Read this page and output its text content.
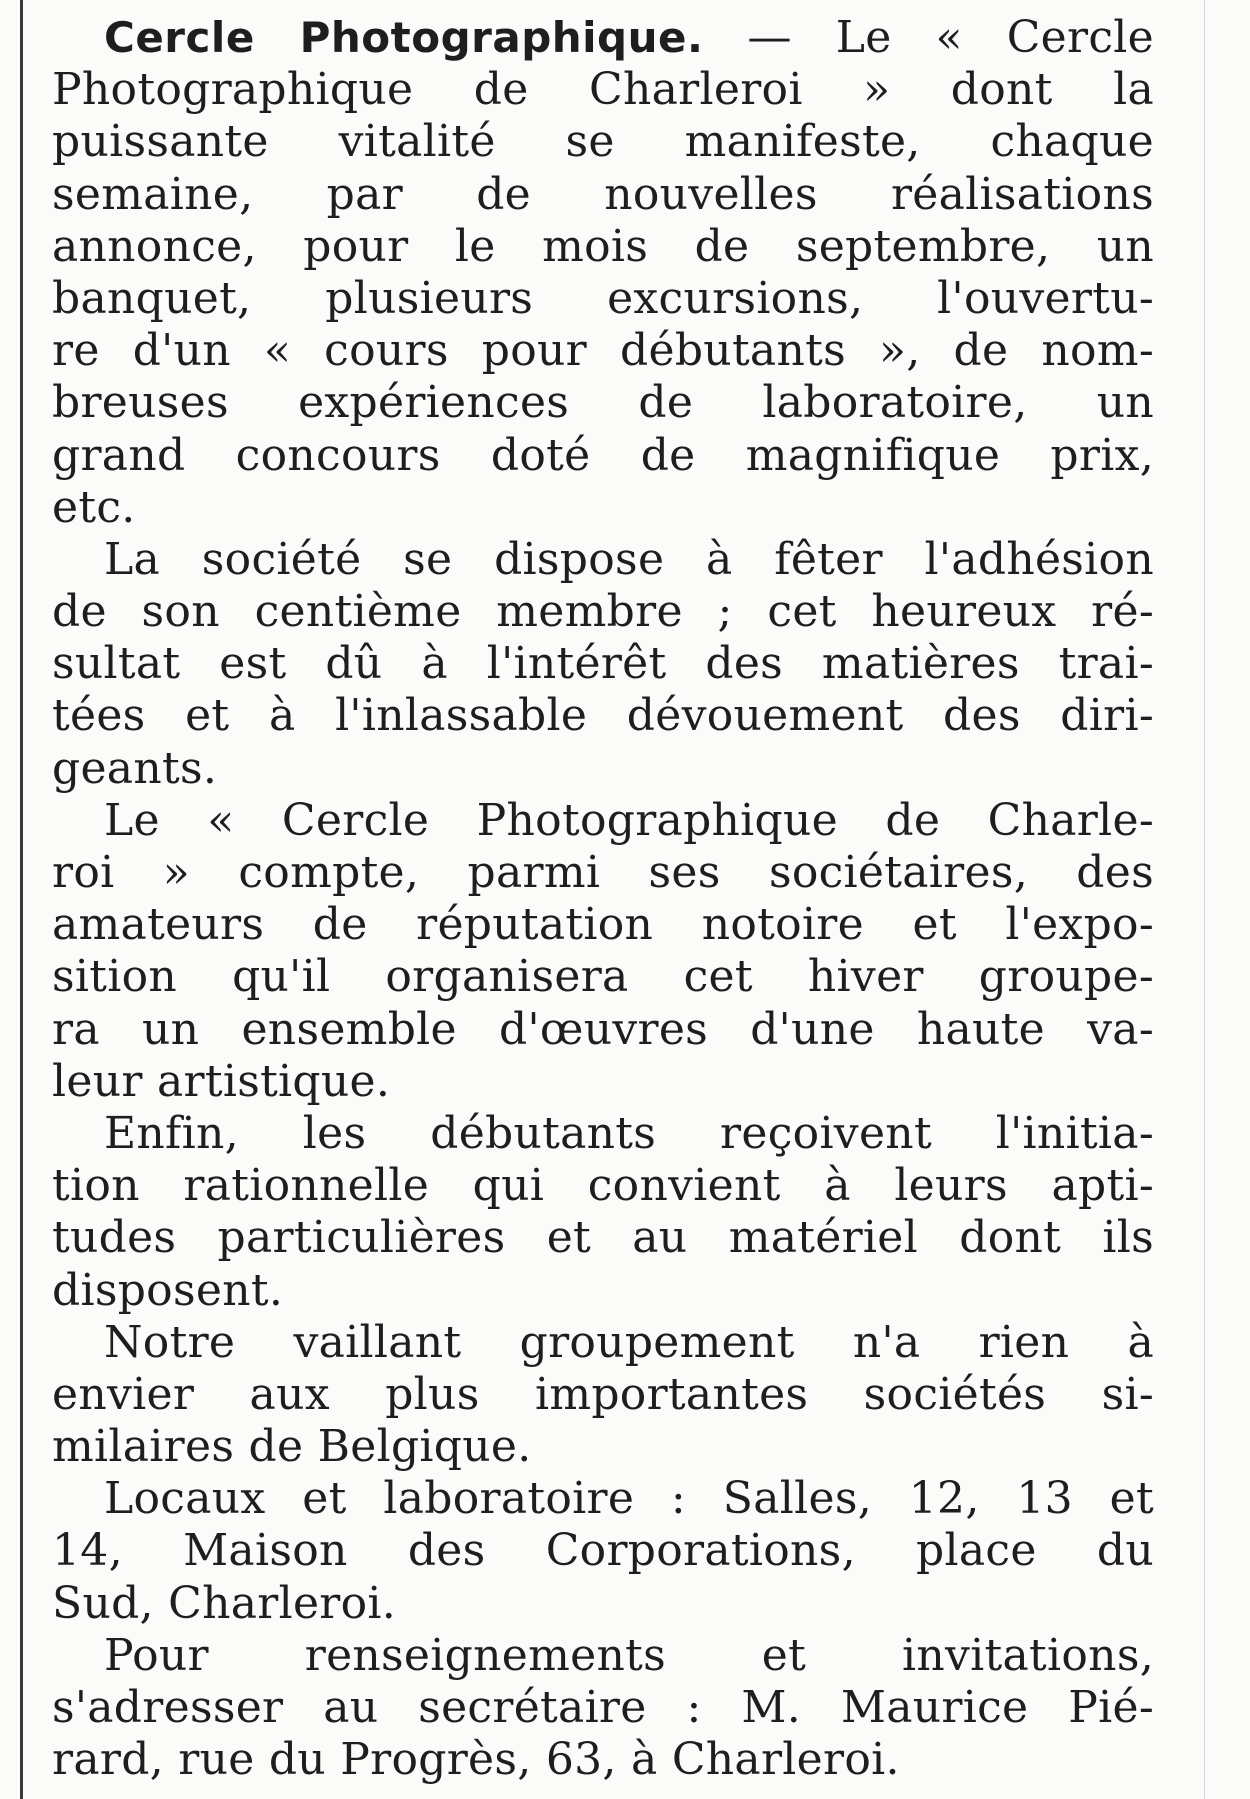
Cercle Photographique. — Le « Cercle
Photographique de Charleroi » dont la
puissante vitalité se manifeste, chaque
semaine, par de nouvelles réalisations
annonce, pour le mois de septembre, un
banquet, plusieurs excursions, l'ouvertu-
re d'un « cours pour débutants », de nom-
breuses expériences de laboratoire, un
grand concours doté de magnifique prix,
etc.
La société se dispose à fêter l'adhésion
de son centième membre ; cet heureux ré-
sultat est dû à l'intérêt des matières trai-
tées et à l'inlassable dévouement des diri-
geants.
Le « Cercle Photographique de Charle-
roi » compte, parmi ses sociétaires, des
amateurs de réputation notoire et l'expo-
sition qu'il organisera cet hiver groupe-
ra un ensemble d'œuvres d'une haute va-
leur artistique.
Enfin, les débutants reçoivent l'initia-
tion rationnelle qui convient à leurs apti-
tudes particulières et au matériel dont ils
disposent.
Notre vaillant groupement n'a rien à
envier aux plus importantes sociétés si-
milaires de Belgique.
Locaux et laboratoire : Salles, 12, 13 et
14, Maison des Corporations, place du
Sud, Charleroi.
Pour renseignements et invitations,
s'adresser au secrétaire : M. Maurice Pié-
rard, rue du Progrès, 63, à Charleroi.
